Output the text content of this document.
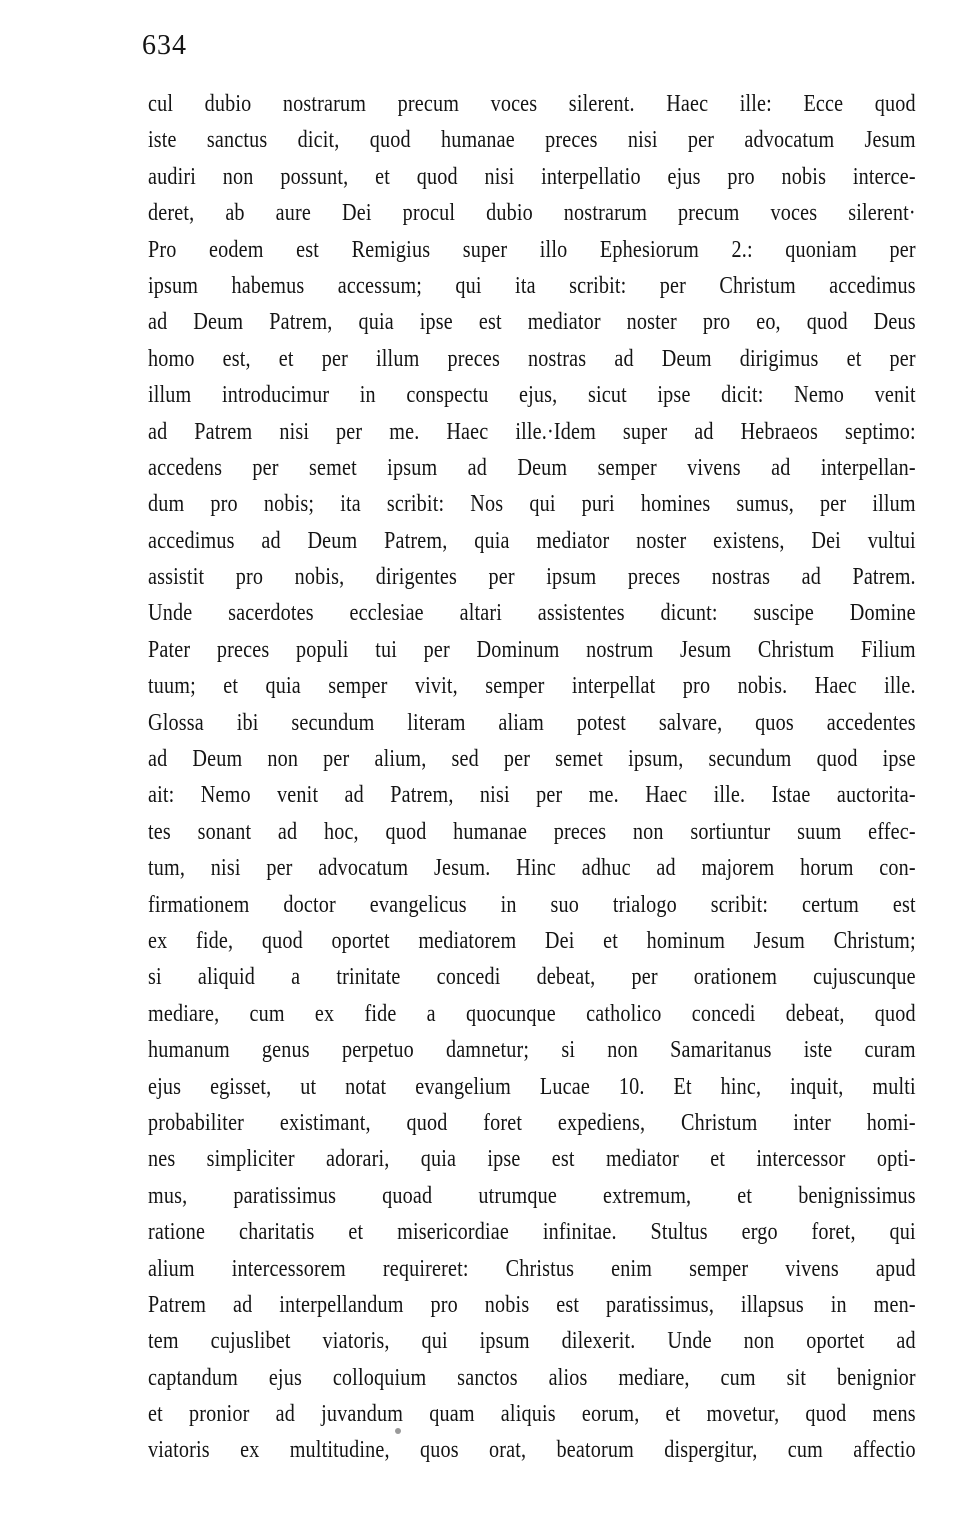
634
cul dubio nostrarum precum voces silerent. Haec ille: Ecce quod
iste sanctus dicit, quod humanae preces nisi per advocatum Jesum
audiri non possunt, et quod nisi interpellatio ejus pro nobis interce-
deret, ab aure Dei procul dubio nostrarum precum voces silerent·
Pro eodem est Remigius super illo Ephesiorum 2.: quoniam per
ipsum habemus accessum; qui ita scribit: per Christum accedimus
ad Deum Patrem, quia ipse est mediator noster pro eo, quod Deus
homo est, et per illum preces nostras ad Deum dirigimus et per
illum introducimur in conspectu ejus, sicut ipse dicit: Nemo venit
ad Patrem nisi per me. Haec ille.·Idem super ad Hebraeos septimo:
accedens per semet ipsum ad Deum semper vivens ad interpellan-
dum pro nobis; ita scribit: Nos qui puri homines sumus, per illum
accedimus ad Deum Patrem, quia mediator noster existens, Dei vultui
assistit pro nobis, dirigentes per ipsum preces nostras ad Patrem.
Unde sacerdotes ecclesiae altari assistentes dicunt: suscipe Domine
Pater preces populi tui per Dominum nostrum Jesum Christum Filium
tuum; et quia semper vivit, semper interpellat pro nobis. Haec ille.
Glossa ibi secundum literam aliam potest salvare, quos accedentes
ad Deum non per alium, sed per semet ipsum, secundum quod ipse
ait: Nemo venit ad Patrem, nisi per me. Haec ille. Istae auctorita-
tes sonant ad hoc, quod humanae preces non sortiuntur suum effec-
tum, nisi per advocatum Jesum. Hinc adhuc ad majorem horum con-
firmationem doctor evangelicus in suo trialogo scribit: certum est
ex fide, quod oportet mediatorem Dei et hominum Jesum Christum;
si aliquid a trinitate concedi debeat, per orationem cujuscunque
mediare, cum ex fide a quocunque catholico concedi debeat, quod
humanum genus perpetuo damnetur; si non Samaritanus iste curam
ejus egisset, ut notat evangelium Lucae 10. Et hinc, inquit, multi
probabiliter existimant, quod foret expediens, Christum inter homi-
nes simpliciter adorari, quia ipse est mediator et intercessor opti-
mus, paratissimus quoad utrumque extremum, et benignissimus
ratione charitatis et misericordiae infinitae. Stultus ergo foret, qui
alium intercessorem requireret: Christus enim semper vivens apud
Patrem ad interpellandum pro nobis est paratissimus, illapsus in men-
tem cujuslibet viatoris, qui ipsum dilexerit. Unde non oportet ad
captandum ejus colloquium sanctos alios mediare, cum sit benignior
et pronior ad juvandum quam aliquis eorum, et movetur, quod mens
viatoris ex multitudine, quos orat, beatorum dispergitur, cum affectio
